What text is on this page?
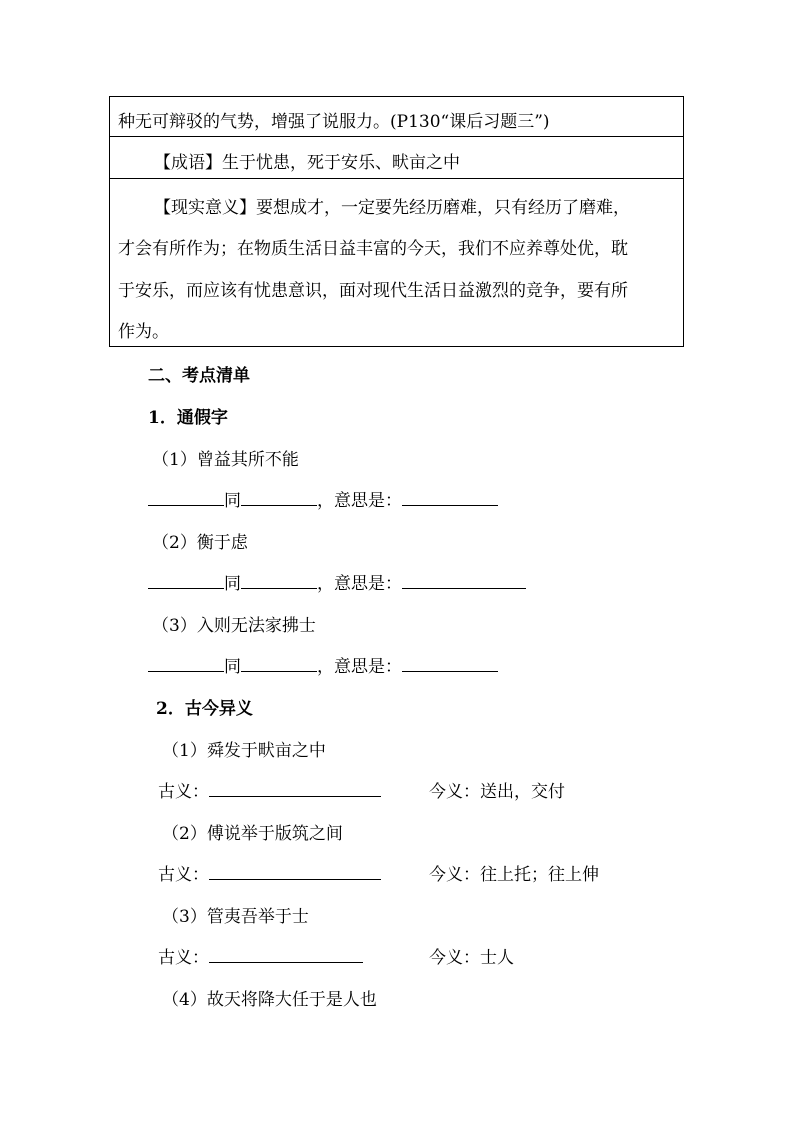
种无可辩驳的气势，增强了说服力。(P130“课后习题三”)
【成语】生于忧患，死于安乐、畎亩之中
【现实意义】要想成才，一定要先经历磨难，只有经历了磨难，
才会有所作为；在物质生活日益丰富的今天，我们不应养尊处优，耽
于安乐，而应该有忧患意识，面对现代生活日益激烈的竞争，要有所
作为。
二、考点清单
1．通假字
（1）曾益其所不能
同	，意思是：
（2）衡于虑
同	，意思是：
（3）入则无法家拂士
同	，意思是：
2．古今异义
（1）舜发于畎亩之中
古义：	今义：送出，交付
（2）傅说举于版筑之间
古义：	今义：往上托；往上伸
（3）管夷吾举于士
古义：	今义：士人
（4）故天将降大任于是人也
